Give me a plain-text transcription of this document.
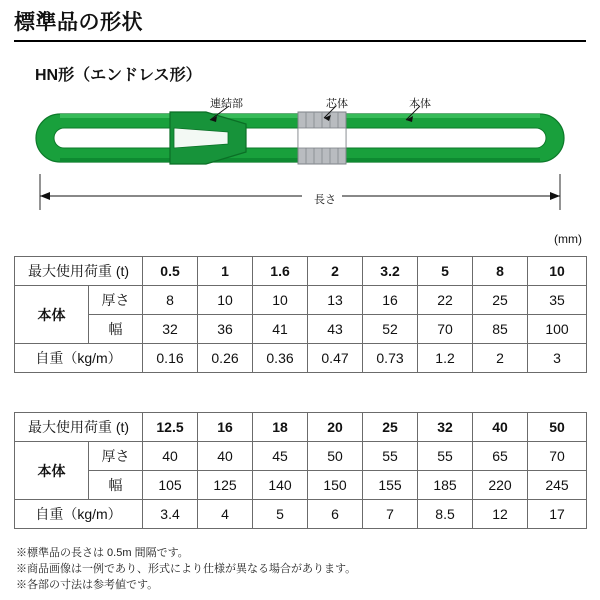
標準品の形状
HN形（エンドレス形）
連結部	芯体	本体
長さ
(mm)
最大使用荷重 (t)		0.5	1	1.6	2	3.2	5	8	10
本体	厚さ	8	10	10	13	16	22	25	35
	幅	32	36	41	43	52	70	85	100
自重（kg/m）		0.16	0.26	0.36	0.47	0.73	1.2	2	3
最大使用荷重 (t)		12.5	16	18	20	25	32	40	50
本体	厚さ	40	40	45	50	55	55	65	70
	幅	105	125	140	150	155	185	220	245
自重（kg/m）		3.4	4	5	6	7	8.5	12	17
※標準品の長さは 0.5m 間隔です。
※商品画像は一例であり、形式により仕様が異なる場合があります。
※各部の寸法は参考値です。
